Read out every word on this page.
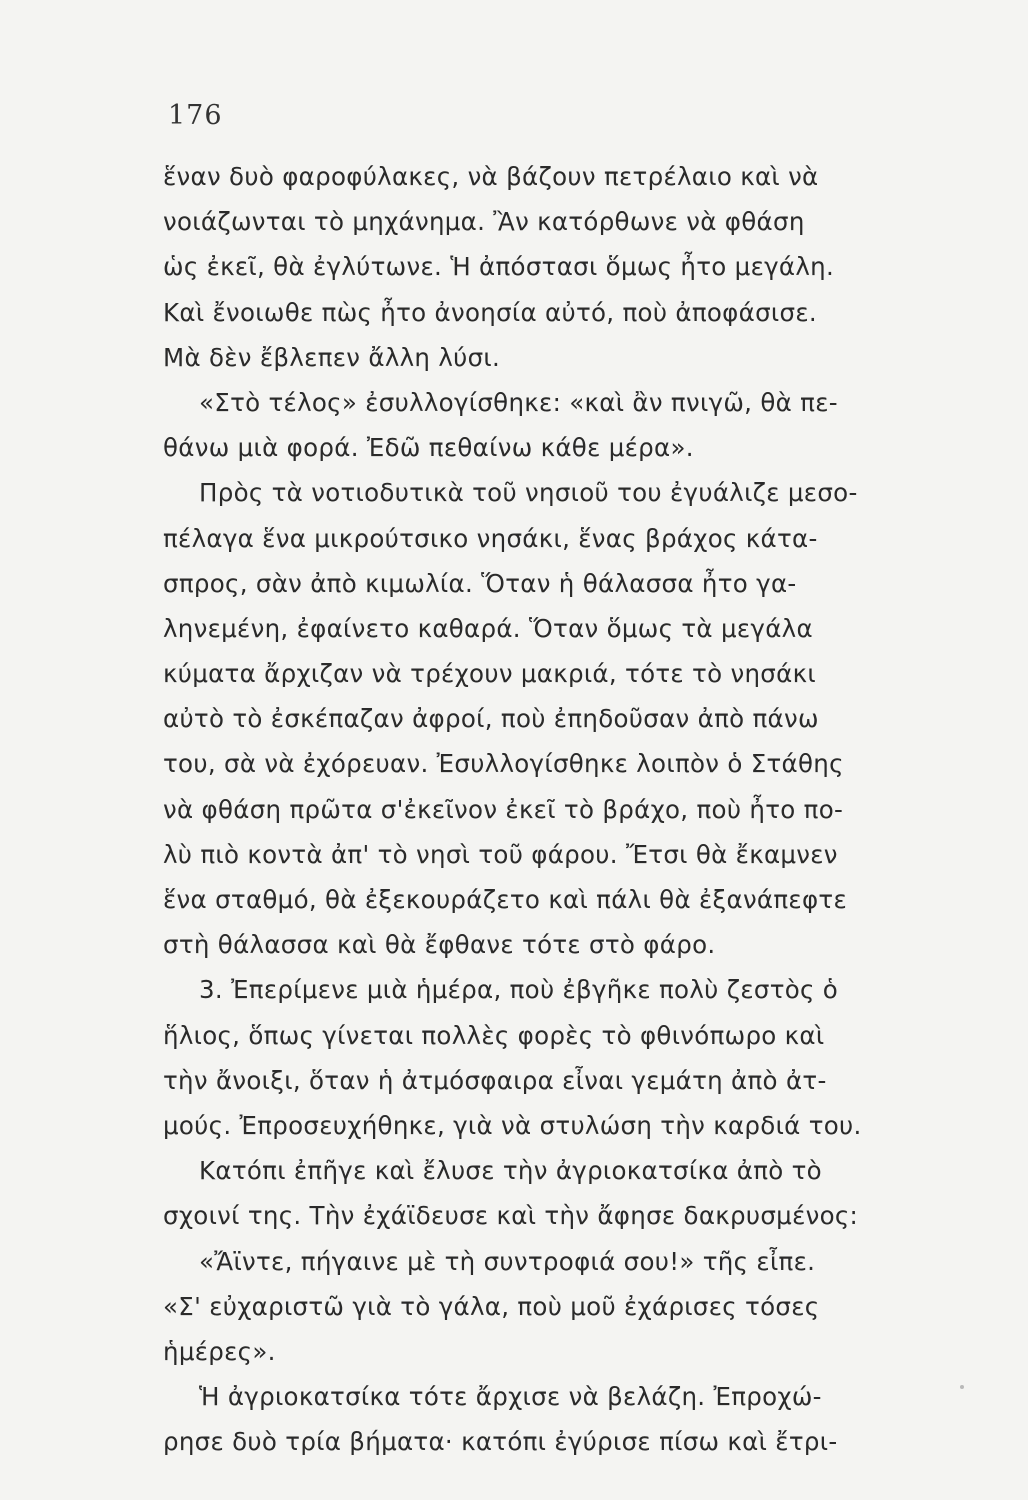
176
ἕναν δυὸ φαροφύλακες, νὰ βάζουν πετρέλαιο καὶ νὰ
νοιάζωνται τὸ μηχάνημα. Ἂν κατόρθωνε νὰ φθάση
ὡς ἐκεῖ, θὰ ἐγλύτωνε. Ἡ ἀπόστασι ὅμως ἦτο μεγάλη.
Καὶ ἔνοιωθε πὼς ἦτο ἀνοησία αὐτό, ποὺ ἀποφάσισε.
Μὰ δὲν ἔβλεπεν ἄλλη λύσι.
«Στὸ τέλος» ἐσυλλογίσθηκε: «καὶ ἂν πνιγῶ, θὰ πε-
θάνω μιὰ φορά. Ἐδῶ πεθαίνω κάθε μέρα».
Πρὸς τὰ νοτιοδυτικὰ τοῦ νησιοῦ του ἐγυάλιζε μεσο-
πέλαγα ἕνα μικρούτσικο νησάκι, ἕνας βράχος κάτα-
σπρος, σὰν ἀπὸ κιμωλία. Ὅταν ἡ θάλασσα ἦτο γα-
ληνεμένη, ἐφαίνετο καθαρά. Ὅταν ὅμως τὰ μεγάλα
κύματα ἄρχιζαν νὰ τρέχουν μακριά, τότε τὸ νησάκι
αὐτὸ τὸ ἐσκέπαζαν ἀφροί, ποὺ ἐπηδοῦσαν ἀπὸ πάνω
του, σὰ νὰ ἐχόρευαν. Ἐσυλλογίσθηκε λοιπὸν ὁ Στάθης
νὰ φθάση πρῶτα σ'ἐκεῖνον ἐκεῖ τὸ βράχο, ποὺ ἦτο πο-
λὺ πιὸ κοντὰ ἀπ' τὸ νησὶ τοῦ φάρου. Ἔτσι θὰ ἔκαμνεν
ἕνα σταθμό, θὰ ἐξεκουράζετο καὶ πάλι θὰ ἐξανάπεφτε
στὴ θάλασσα καὶ θὰ ἔφθανε τότε στὸ φάρο.
3. Ἐπερίμενε μιὰ ἡμέρα, ποὺ ἐβγῆκε πολὺ ζεστὸς ὁ
ἥλιος, ὅπως γίνεται πολλὲς φορὲς τὸ φθινόπωρο καὶ
τὴν ἄνοιξι, ὅταν ἡ ἀτμόσφαιρα εἶναι γεμάτη ἀπὸ ἀτ-
μούς. Ἐπροσευχήθηκε, γιὰ νὰ στυλώση τὴν καρδιά του.
Κατόπι ἐπῆγε καὶ ἔλυσε τὴν ἀγριοκατσίκα ἀπὸ τὸ
σχοινί της. Τὴν ἐχάϊδευσε καὶ τὴν ἄφησε δακρυσμένος:
«Ἄϊντε, πήγαινε μὲ τὴ συντροφιά σου!» τῆς εἶπε.
«Σ' εὐχαριστῶ γιὰ τὸ γάλα, ποὺ μοῦ ἐχάρισες τόσες
ἡμέρες».
Ἡ ἀγριοκατσίκα τότε ἄρχισε νὰ βελάζη. Ἐπροχώ-
ρησε δυὸ τρία βήματα· κατόπι ἐγύρισε πίσω καὶ ἔτρι-
